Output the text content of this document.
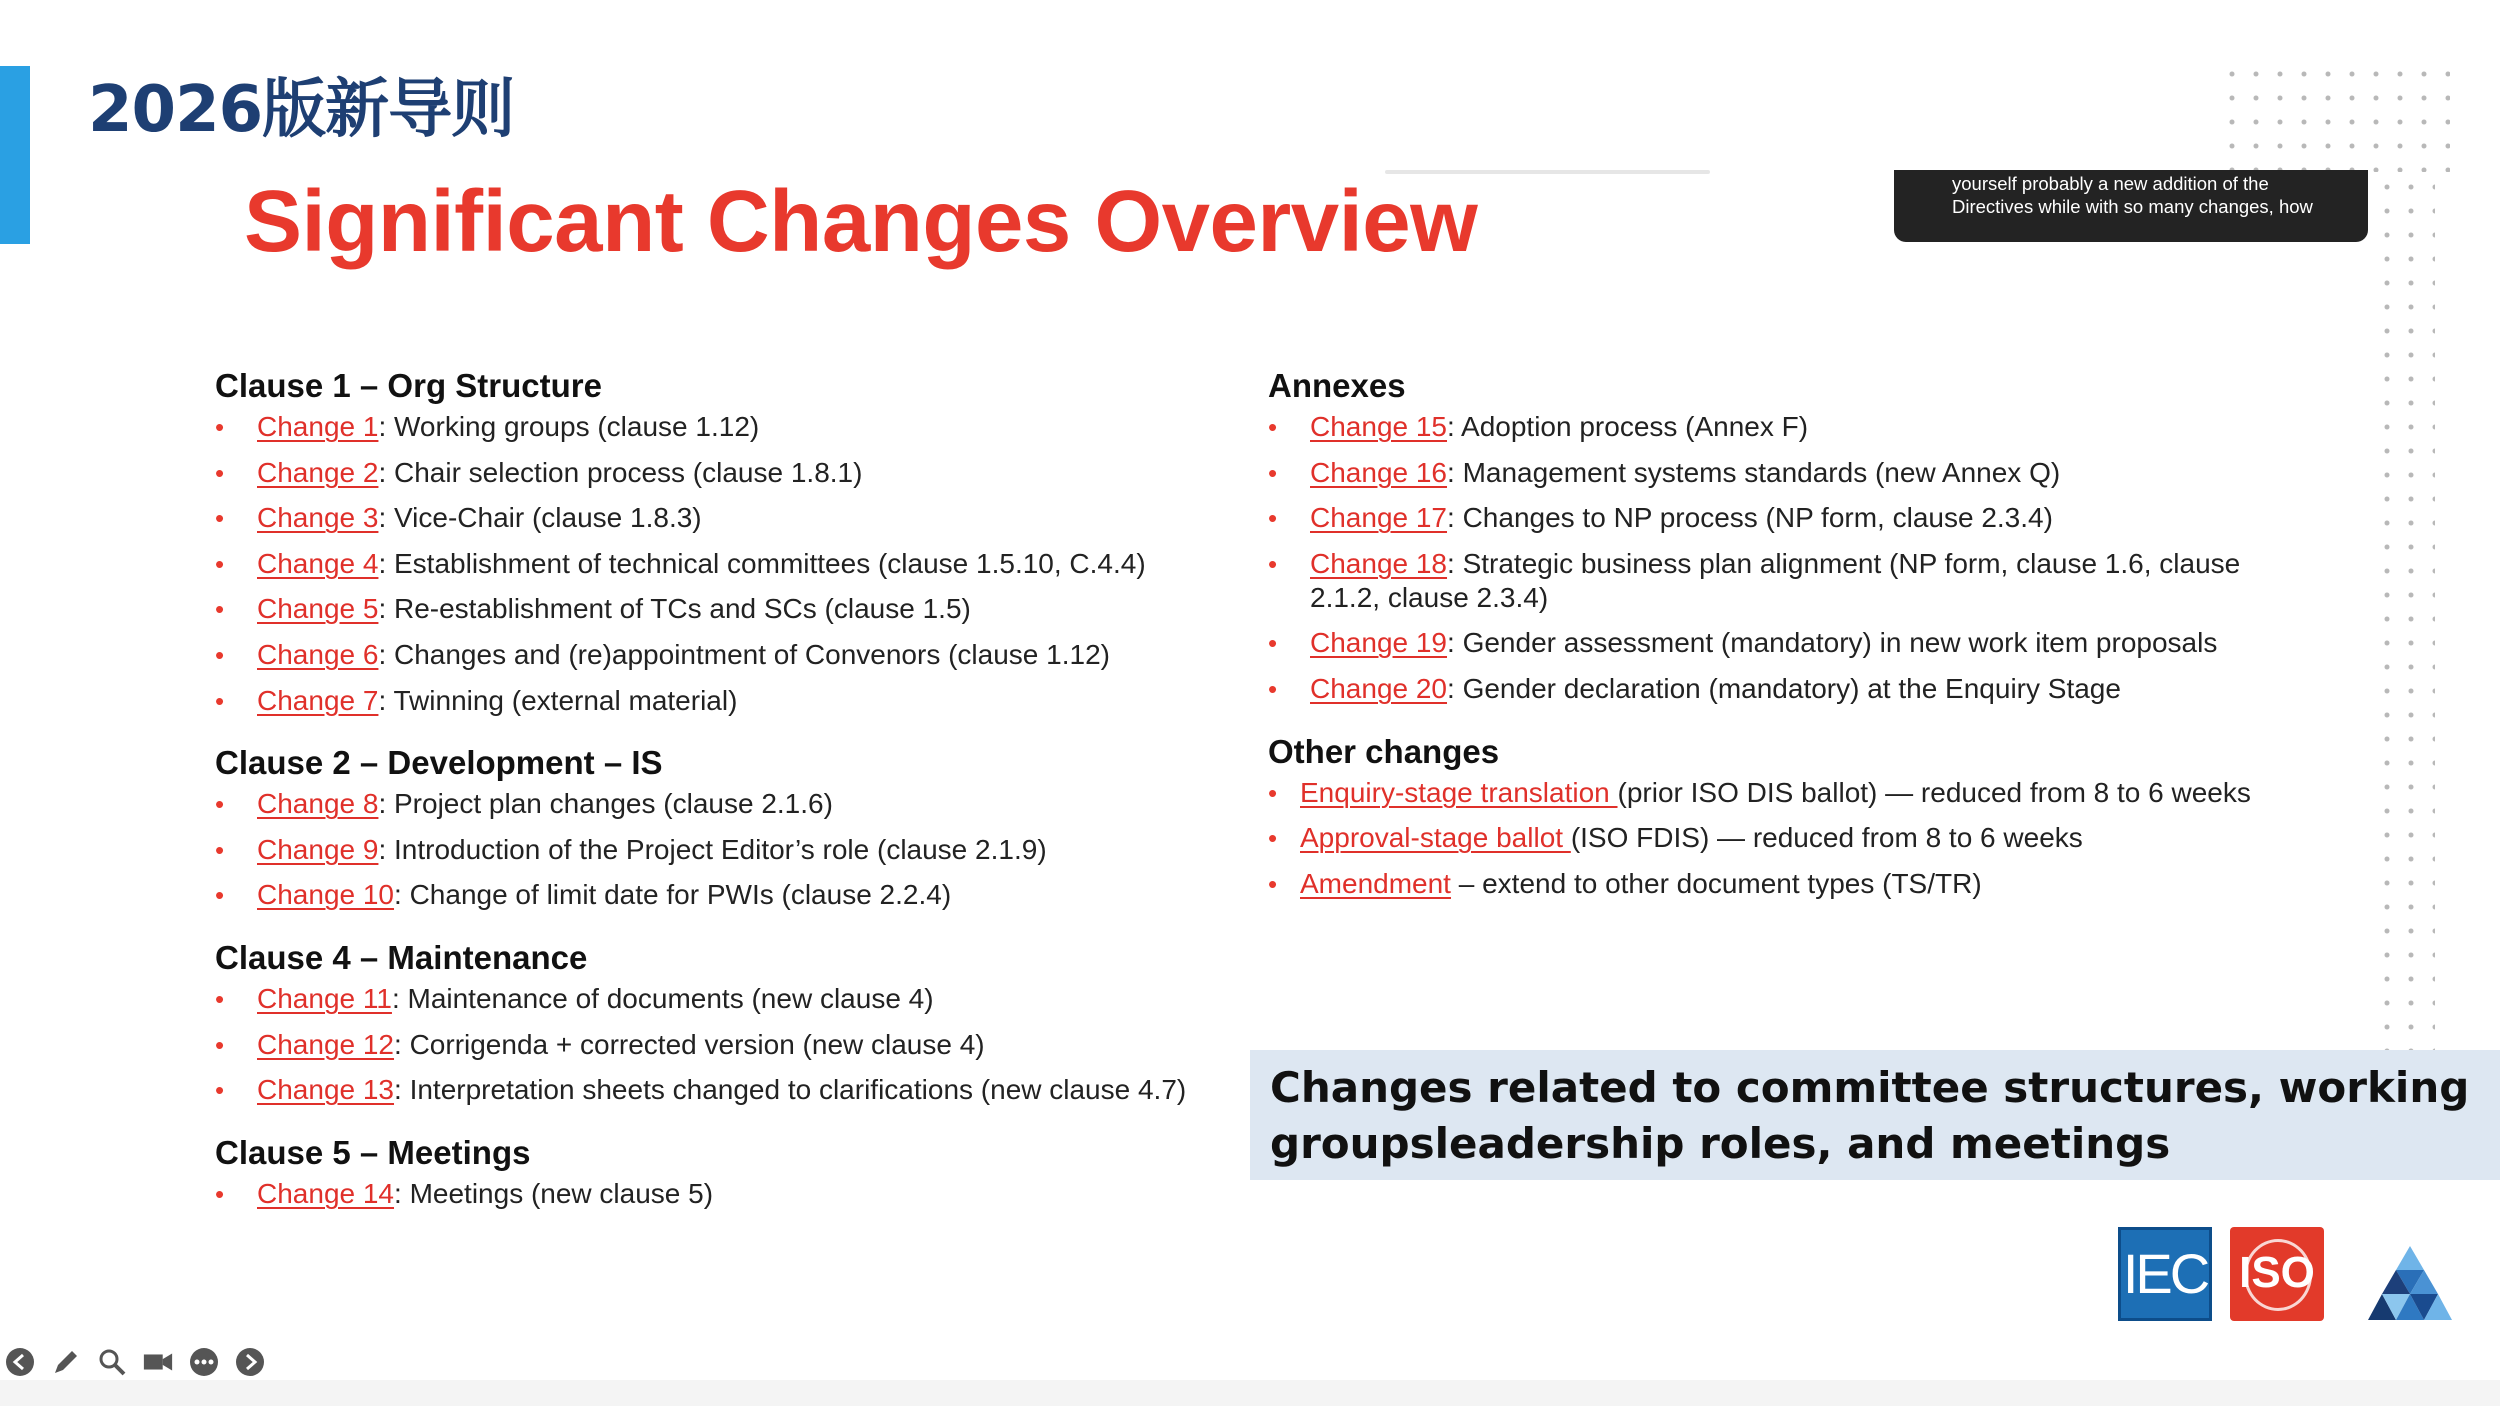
2026版新导则
yourself probably a new addition of the
Directives while with so many changes, how
Significant Changes Overview
Clause 1 – Org Structure
• Change 1: Working groups (clause 1.12)
• Change 2: Chair selection process (clause 1.8.1)
• Change 3: Vice-Chair (clause 1.8.3)
• Change 4: Establishment of technical committees (clause 1.5.10, C.4.4)
• Change 5: Re-establishment of TCs and SCs (clause 1.5)
• Change 6: Changes and (re)appointment of Convenors (clause 1.12)
• Change 7: Twinning (external material)
Clause 2 – Development – IS
• Change 8: Project plan changes (clause 2.1.6)
• Change 9: Introduction of the Project Editor’s role (clause 2.1.9)
• Change 10: Change of limit date for PWIs (clause 2.2.4)
Clause 4 – Maintenance
• Change 11: Maintenance of documents (new clause 4)
• Change 12: Corrigenda + corrected version (new clause 4)
• Change 13: Interpretation sheets changed to clarifications (new clause 4.7)
Clause 5 – Meetings
• Change 14: Meetings (new clause 5)
Annexes
• Change 15: Adoption process (Annex F)
• Change 16: Management systems standards (new Annex Q)
• Change 17: Changes to NP process (NP form, clause 2.3.4)
• Change 18: Strategic business plan alignment (NP form, clause 1.6, clause 2.1.2, clause 2.3.4)
• Change 19: Gender assessment (mandatory) in new work item proposals
• Change 20: Gender declaration (mandatory) at the Enquiry Stage
Other changes
• Enquiry-stage translation (prior ISO DIS ballot) — reduced from 8 to 6 weeks
• Approval-stage ballot (ISO FDIS) — reduced from 8 to 6 weeks
• Amendment – extend to other document types (TS/TR)
Changes related to committee structures, working groupsleadership roles, and meetings
IEC ISO
